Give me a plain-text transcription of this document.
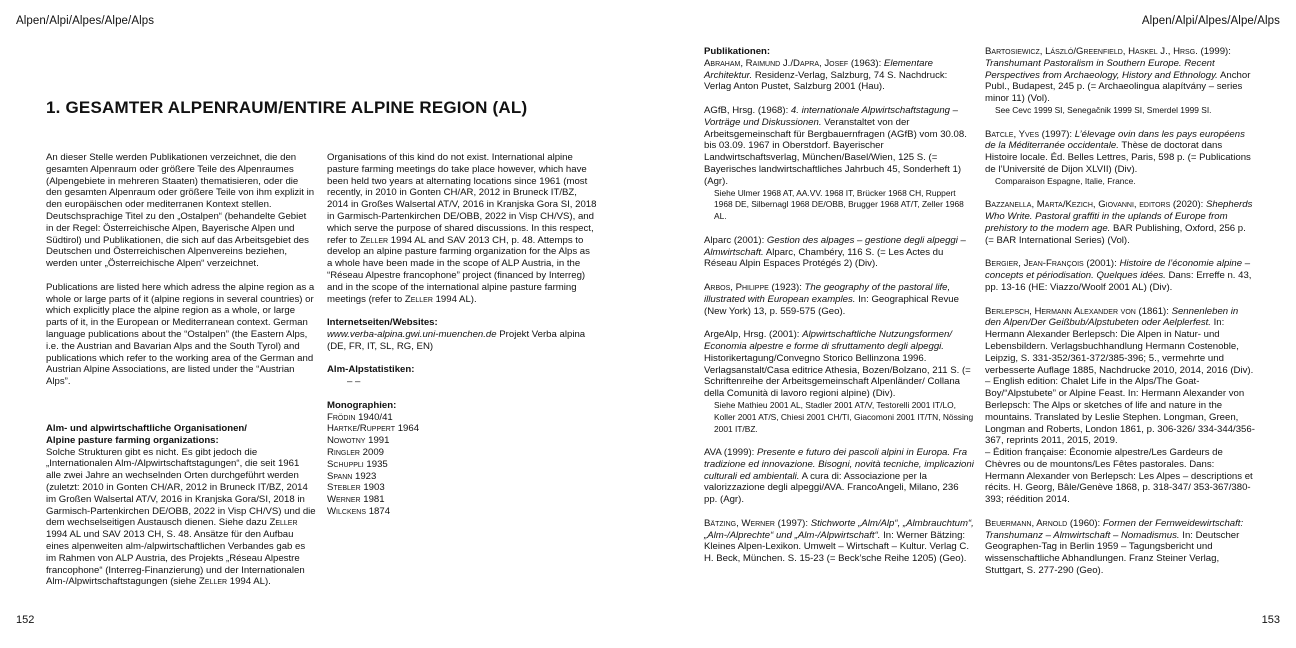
Alpen/Alpi/Alpes/Alpe/Alps
1. GESAMTER ALPENRAUM/ENTIRE ALPINE REGION (AL)

An dieser Stelle werden Publikationen verzeichnet, die den gesamten Alpenraum oder größere Teile des Alpenraumes (Alpengebiete in mehreren Staaten) thematisieren, oder die den gesamten Alpenraum oder größere Teile von ihm explizit in den europäischen oder mediterranen Kontext stellen. Deutschsprachige Titel zu den „Ostalpen“ (behandelte Gebiet in der Regel: Österreichische Alpen, Bayerische Alpen und Südtirol) und Publikationen, die sich auf das Arbeitsgebiet des Deutschen und Österreichischen Alpenvereins beziehen, werden unter „Österreichische Alpen“ verzeichnet.

Publications are listed here which adress the alpine region as a whole or large parts of it (alpine regions in several countries) or which explicitly place the alpine region as a whole, or large parts of it, in the European or Mediterranean context. German language publications about the “Ostalpen” (the Eastern Alps, i.e. the Austrian and Bavarian Alps and the South Tyrol) and publications which refer to the working area of the German and Austrian Alpine Associations, are listed under the “Austrian Alps”.

Alm- und alpwirtschaftliche Organisationen/
Alpine pasture farming organizations:

Solche Strukturen gibt es nicht. Es gibt jedoch die „Internationalen Alm-/Alpwirtschaftstagungen“, die seit 1961 alle zwei Jahre an wechselnden Orten durchgeführt werden (zuletzt: 2010 in Gonten CH/AR, 2012 in Bruneck IT/BZ, 2014 im Großen Walsertal AT/V, 2016 in Kranjska Gora/SI, 2018 in Garmisch-Partenkirchen DE/OBB, 2022 in Visp CH/VS) und die dem wechselseitigen Austausch dienen. Siehe dazu Zeller 1994 AL und SAV 2013 CH, S. 48. Ansätze für den Aufbau eines alpenweiten alm-/alpwirtschaftlichen Verbandes gab es im Rahmen von ALP Austria, des Projekts „Réseau Alpestre francophone“ (Interreg-Finanzierung) und der Internationalen Alm-/Alpwirtschaftstagungen (siehe Zeller 1994 AL).

Organisations of this kind do not exist. International alpine pasture farming meetings do take place however, which have been held two years at alternating locations since 1961 (most recently, in 2010 in Gonten CH/AR, 2012 in Bruneck IT/BZ, 2014 in Großes Walsertal AT/V, 2016 in Kranjska Gora SI, 2018 in Garmisch-Partenkirchen DE/OBB, 2022 in Visp CH/VS), and which serve the purpose of shared discussions. In this respect, refer to Zeller 1994 AL and SAV 2013 CH, p. 48. Attemps to develop an alpine pasture farming organization for the Alps as a whole have been made in the scope of ALP Austria, in the “Réseau Alpestre francophone” project (financed by Interreg) and in the scope of the international alpine pasture farming meetings (refer to Zeller 1994 AL).

Internetseiten/Websites:

www.verba-alpina.gwi.uni-muenchen.de Projekt Verba alpina (DE, FR, IT, SL, RG, EN)

Alm-Alpstatistiken:

– –

Monographien:

Frödin 1940/41
Hartke/Ruppert 1964
Nowotny 1991
Ringler 2009
Schuppli 1935
Spann 1923
Stebler 1903
Werner 1981
Wilckens 1874
152
Alpen/Alpi/Alpes/Alpe/Alps

Publikationen:

Abraham, Raimund J./Dapra, Josef (1963): Elementare Architektur. Residenz-Verlag, Salzburg, 74 S. Nachdruck: Verlag Anton Pustet, Salzburg 2001 (Hau).
AGfB, Hrsg. (1968): 4. internationale Alpwirtschaftstagung – Vorträge und Diskussionen. Veranstaltet von der Arbeitsgemeinschaft für Bergbauernfragen (AGfB) vom 30.08. bis 03.09. 1967 in Oberstdorf. Bayerischer Landwirtschaftsverlag, München/Basel/Wien, 125 S. (= Bayerisches landwirtschaftliches Jahrbuch 45, Sonderheft 1) (Agr).
Siehe Ulmer 1968 AT, AA.VV. 1968 IT, Brücker 1968 CH, Ruppert 1968 DE, Silbernagl 1968 DE/OBB, Brugger 1968 AT/T, Zeller 1968 AL.
Alparc (2001): Gestion des alpages – gestione degli alpeggi – Almwirtschaft. Alparc, Chambéry, 116 S. (= Les Actes du Réseau Alpin Espaces Protégés 2) (Div).
Arbos, Philippe (1923): The geography of the pastoral life, illustrated with European examples. In: Geographical Revue (New York) 13, p. 559-575 (Geo).
ArgeAlp, Hrsg. (2001): Alpwirtschaftliche Nutzungsformen/ Economia alpestre e forme di sfruttamento degli alpeggi. Historikertagung/Convegno Storico Bellinzona 1996. Verlagsanstalt/Casa editrice Athesia, Bozen/Bolzano, 211 S. (= Schriftenreihe der Arbeitsgemeinschaft Alpenländer/ Collana della Comunità di lavoro regioni alpine) (Div).
Siehe Mathieu 2001 AL, Stadler 2001 AT/V, Testorelli 2001 IT/LO, Koller 2001 AT/S, Chiesi 2001 CH/TI, Giacomoni 2001 IT/TN, Nössing 2001 IT/BZ.
AVA (1999): Presente e futuro dei pascoli alpini in Europa. Fra tradizione ed innovazione. Bisogni, novità tecniche, implicazioni culturali ed ambientali. A cura di: Associazione per la valorizzazione degli alpeggi/AVA. FrancoAngeli, Milano, 236 pp. (Agr).
Bätzing, Werner (1997): Stichworte „Alm/Alp“, „Almbrauchtum“, „Alm-/Alprechte“ und „Alm-/Alpwirtschaft“. In: Werner Bätzing: Kleines Alpen-Lexikon. Umwelt – Wirtschaft – Kultur. Verlag C. H. Beck, München. S. 15-23 (= Beck’sche Reihe 1205) (Geo).
Bartosiewicz, László/Greenfield, Haskel J., Hrsg. (1999): Transhumant Pastoralism in Southern Europe. Recent Perspectives from Archaeology, History and Ethnology. Anchor Publ., Budapest, 245 p. (= Archaeolingua alapítvány – series minor 11) (Vol).
See Cevc 1999 SI, Senegačnik 1999 SI, Smerdel 1999 SI.
Batcle, Yves (1997): L’élevage ovin dans les pays européens de la Méditerranée occidentale. Thèse de doctorat dans Histoire locale. Éd. Belles Lettres, Paris, 598 p. (= Publications de l’Université de Dijon XLVII) (Div).
Comparaison Espagne, Italie, France.
Bazzanella, Marta/Kezich, Giovanni, editors (2020): Shepherds Who Write. Pastoral graffiti in the uplands of Europe from prehistory to the modern age. BAR Publishing, Oxford, 256 p. (= BAR International Series) (Vol).
Bergier, Jean-François (2001): Histoire de l’économie alpine – concepts et périodisation. Quelques idées. Dans: Erreffe n. 43, pp. 13-16 (HE: Viazzo/Woolf 2001 AL) (Div).
Berlepsch, Hermann Alexander von (1861): Sennenleben in den Alpen/Der Geißbub/Alpstubeten oder Aelplerfest. In: Hermann Alexander Berlepsch: Die Alpen in Natur- und Lebensbildern. Verlagsbuchhandlung Hermann Costenoble, Leipzig, S. 331-352/361-372/385-396; 5., vermehrte und verbesserte Auflage 1885, Nachdrucke 2010, 2014, 2016 (Div).
– English edition: Chalet Life in the Alps/The Goat-Boy/“Alpstubete” or Alpine Feast. In: Hermann Alexander von Berlepsch: The Alps or sketches of life and nature in the mountains. Translated by Leslie Stephen. Longman, Green, Longman and Roberts, London 1861, p. 306-326/ 334-344/356-367, reprints 2011, 2015, 2019.
– Édition française: Économie alpestre/Les Gardeurs de Chèvres ou de mountons/Les Fêtes pastorales. Dans: Hermann Alexander von Berlepsch: Les Alpes – descriptions et récits. H. Georg, Bâle/Genève 1868, p. 318-347/ 353-367/380-393; réédition 2014.
Beuermann, Arnold (1960): Formen der Fernweidewirtschaft: Transhumanz – Almwirtschaft – Nomadismus. In: Deutscher Geographen-Tag in Berlin 1959 – Tagungsbericht und wissenschaftliche Abhandlungen. Franz Steiner Verlag, Stuttgart, S. 277-290 (Geo).
153
